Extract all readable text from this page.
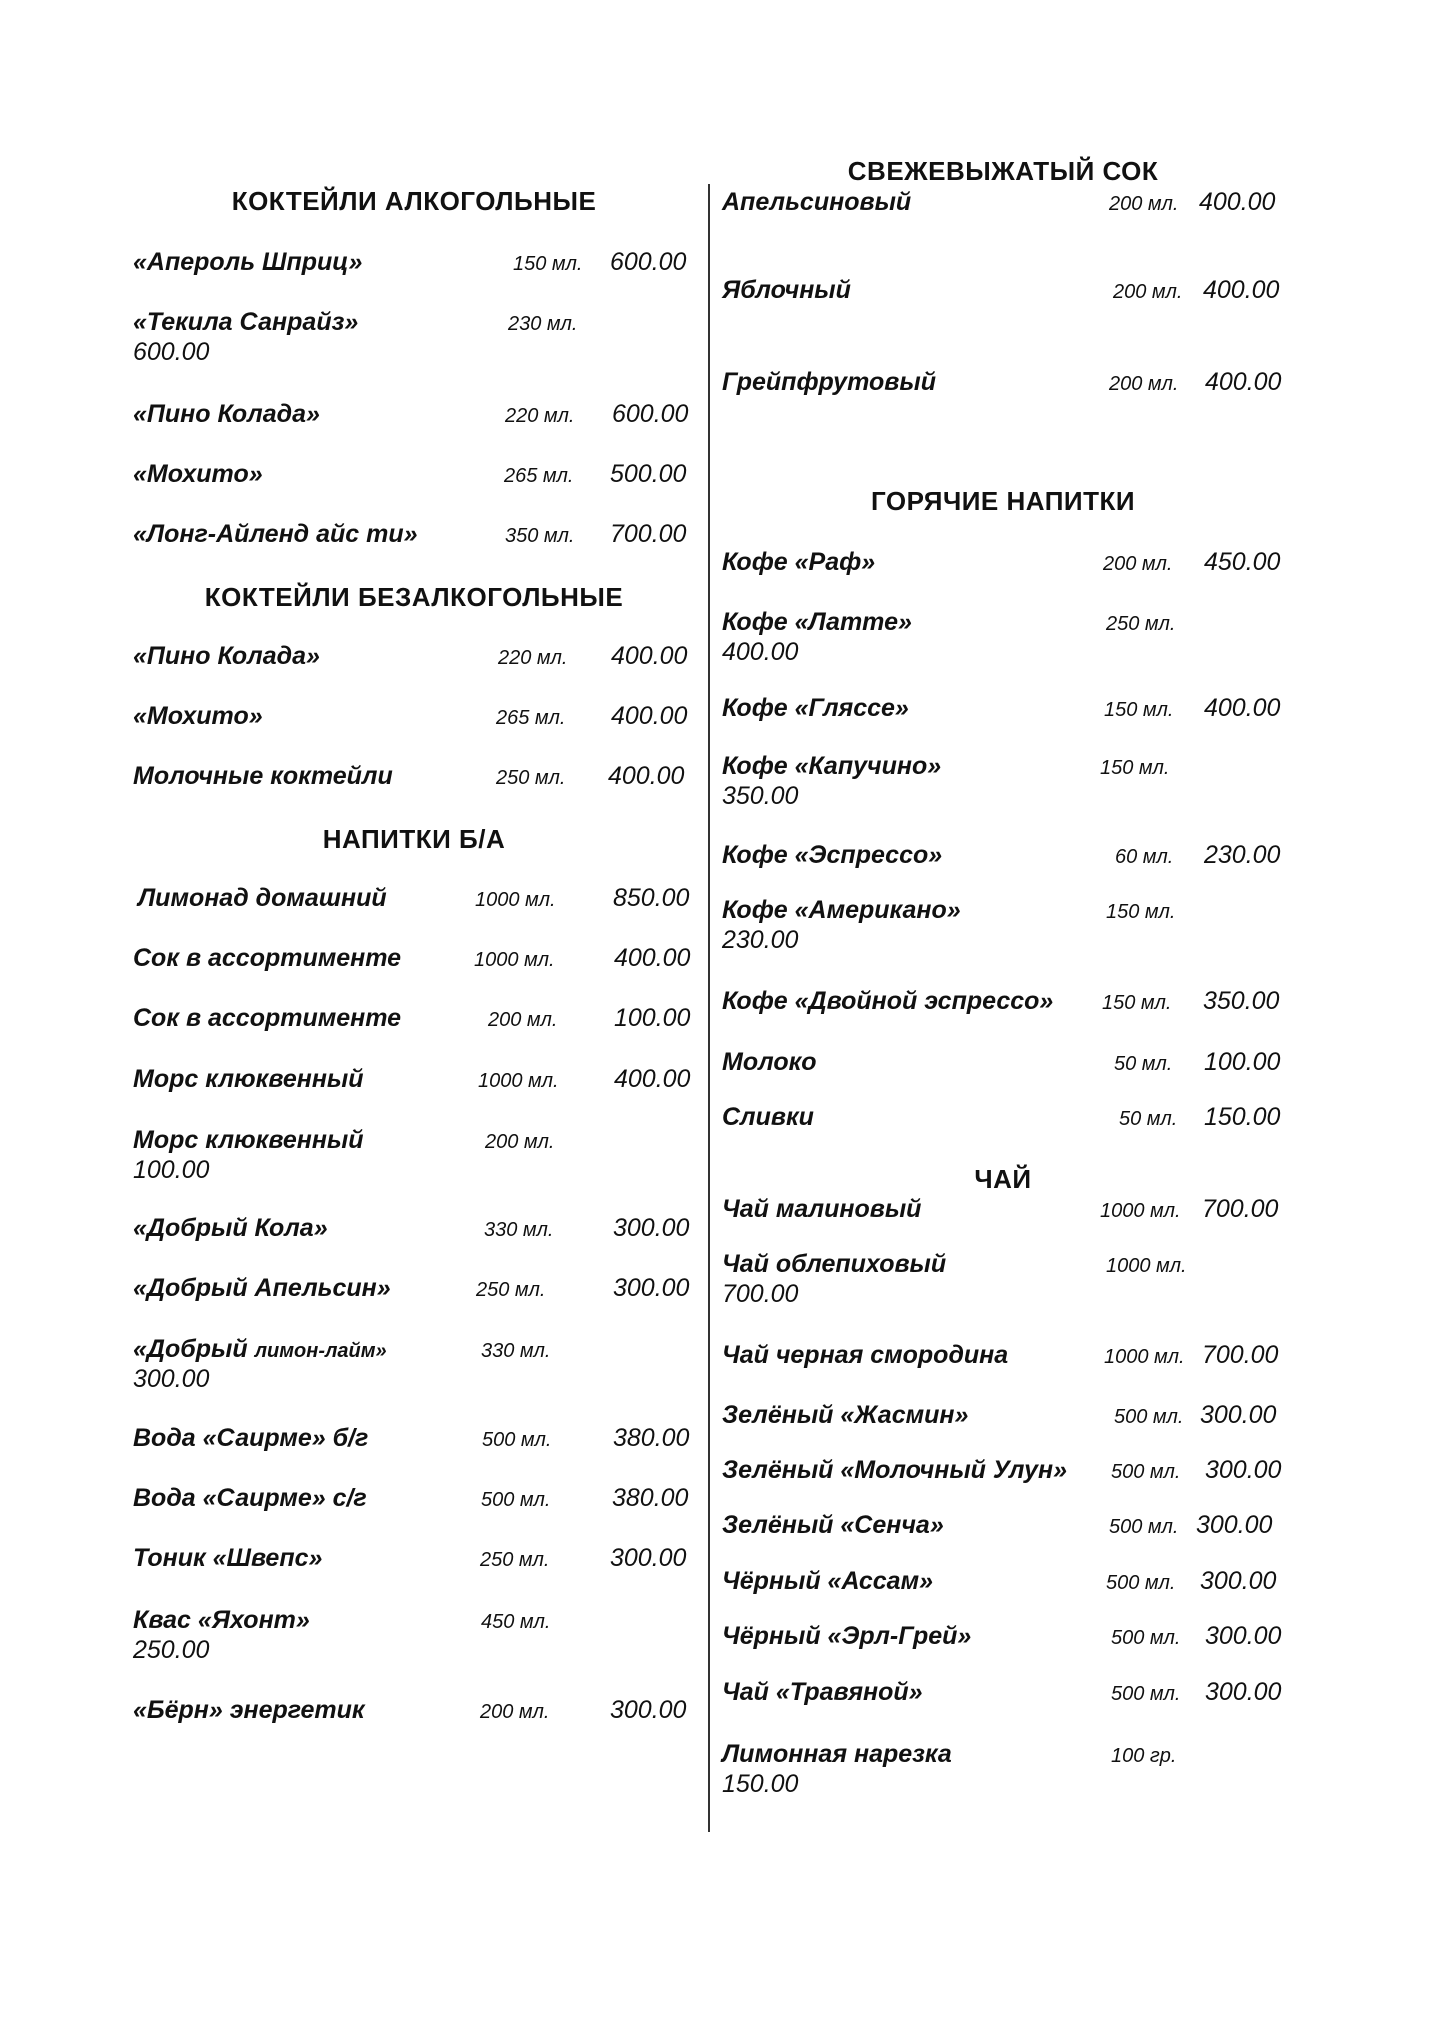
КОКТЕЙЛИ АЛКОГОЛЬНЫЕ
«Апероль Шприц»	150 мл. 600.00
«Текила Санрайз»	230 мл.
600.00
«Пино Колада»	220 мл. 600.00
«Мохито»	265 мл. 500.00
«Лонг-Айленд айс ти»	350 мл. 700.00
КОКТЕЙЛИ БЕЗАЛКОГОЛЬНЫЕ
«Пино Колада»	220 мл. 400.00
«Мохито»	265 мл. 400.00
Молочные коктейли	250 мл. 400.00
НАПИТКИ Б/А
Лимонад домашний	1000 мл. 850.00
Сок в ассортименте	1000 мл. 400.00
Сок в ассортименте	200 мл. 100.00
Морс клюквенный	1000 мл. 400.00
Морс клюквенный	200 мл.
100.00
«Добрый Кола»	330 мл. 300.00
«Добрый Апельсин»	250 мл.	300.00
«Добрый лимон-лайм»	330 мл.
300.00
Вода «Саирме» б/г	500 мл. 380.00
Вода «Саирме» с/г	500 мл. 380.00
Тоник «Швепс»	250 мл. 300.00
Квас «Яхонт»	450 мл.
250.00
«Бёрн» энергетик	200 мл. 300.00
СВЕЖЕВЫЖАТЫЙ СОК
Апельсиновый	200 мл. 400.00
Яблочный	200 мл. 400.00
Грейпфрутовый	200 мл. 400.00
ГОРЯЧИЕ НАПИТКИ
Кофе «Раф»	200 мл. 450.00
Кофе «Латте»	250 мл.
400.00
Кофе «Гляссе»	150 мл. 400.00
Кофе «Капучино»	150 мл.
350.00
Кофе «Эспрессо»	60 мл. 230.00
Кофе «Американо»	150 мл.
230.00
Кофе «Двойной эспрессо» 150 мл. 350.00
Молоко	50 мл. 100.00
Сливки	50 мл. 150.00
ЧАЙ
Чай малиновый	1000 мл. 700.00
Чай облепиховый	1000 мл.
700.00
Чай черная смородина	1000 мл. 700.00
Зелёный «Жасмин»	500 мл. 300.00
Зелёный «Молочный Улун» 500 мл. 300.00
Зелёный «Сенча»	500 мл. 300.00
Чёрный «Ассам»	500 мл. 300.00
Чёрный «Эрл-Грей»	500 мл. 300.00
Чай «Травяной»	500 мл. 300.00
Лимонная нарезка	100 гр.
150.00
